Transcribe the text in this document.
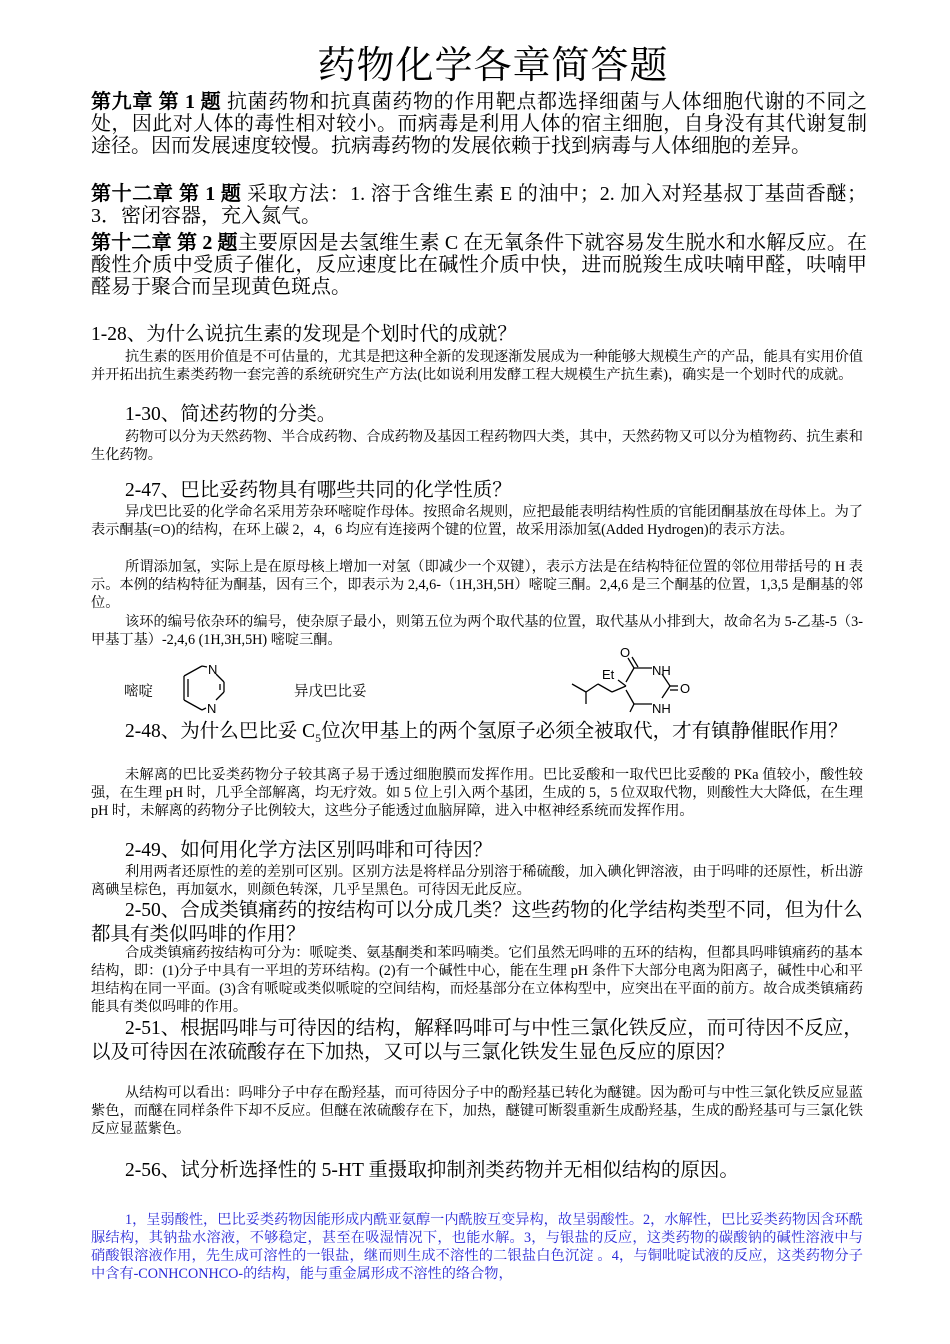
药物化学各章简答题
第九章 第 1 题 抗菌药物和抗真菌药物的作用靶点都选择细菌与人体细胞代谢的不同之处，因此对人体的毒性相对较小。而病毒是利用人体的宿主细胞，自身没有其代谢复制途径。因而发展速度较慢。抗病毒药物的发展依赖于找到病毒与人体细胞的差异。
第十二章 第 1 题 采取方法：1. 溶于含维生素 E 的油中；2. 加入对羟基叔丁基茴香醚；3．密闭容器，充入氮气。
第十二章 第 2 题主要原因是去氢维生素 C 在无氧条件下就容易发生脱水和水解反应。在酸性介质中受质子催化，反应速度比在碱性介质中快，进而脱羧生成呋喃甲醛，呋喃甲醛易于聚合而呈现黄色斑点。
1-28、为什么说抗生素的发现是个划时代的成就？
抗生素的医用价值是不可估量的，尤其是把这种全新的发现逐渐发展成为一种能够大规模生产的产品，能具有实用价值并开拓出抗生素类药物一套完善的系统研究生产方法(比如说利用发酵工程大规模生产抗生素)，确实是一个划时代的成就。
1-30、简述药物的分类。
药物可以分为天然药物、半合成药物、合成药物及基因工程药物四大类，其中，天然药物又可以分为植物药、抗生素和生化药物。
2-47、巴比妥药物具有哪些共同的化学性质？
异戊巴比妥的化学命名采用芳杂环嘧啶作母体。按照命名规则，应把最能表明结构性质的官能团酮基放在母体上。为了表示酮基(=O)的结构，在环上碳 2，4，6 均应有连接两个键的位置，故采用添加氢(Added Hydrogen)的表示方法。
所谓添加氢，实际上是在原母核上增加一对氢（即减少一个双键），表示方法是在结构特征位置的邻位用带括号的 H 表示。本例的结构特征为酮基，因有三个，即表示为 2,4,6-（1H,3H,5H）嘧啶三酮。2,4,6 是三个酮基的位置，1,3,5 是酮基的邻位。
该环的编号依杂环的编号，使杂原子最小，则第五位为两个取代基的位置，取代基从小排到大，故命名为 5-乙基-5（3-甲基丁基）-2,4,6 (1H,3H,5H) 嘧啶三酮。
嘧啶	异戊巴比妥
N
N
O
NH
O
NH
Et
2-48、为什么巴比妥 $C_5$位次甲基上的两个氢原子必须全被取代，才有镇静催眠作用？
未解离的巴比妥类药物分子较其离子易于透过细胞膜而发挥作用。巴比妥酸和一取代巴比妥酸的 PKa 值较小，酸性较强，在生理 pH 时，几乎全部解离，均无疗效。如 5 位上引入两个基团，生成的 5，5 位双取代物，则酸性大大降低，在生理 pH 时，未解离的药物分子比例较大，这些分子能透过血脑屏障，进入中枢神经系统而发挥作用。
2-49、如何用化学方法区别吗啡和可待因？
利用两者还原性的差的差别可区别。区别方法是将样品分别溶于稀硫酸，加入碘化钾溶液，由于吗啡的还原性，析出游离碘呈棕色，再加氨水，则颜色转深，几乎呈黑色。可待因无此反应。
2-50、合成类镇痛药的按结构可以分成几类？这些药物的化学结构类型不同，但为什么都具有类似吗啡的作用？
合成类镇痛药按结构可分为：哌啶类、氨基酮类和苯吗喃类。它们虽然无吗啡的五环的结构，但都具吗啡镇痛药的基本结构，即：(1)分子中具有一平坦的芳环结构。(2)有一个碱性中心，能在生理 pH 条件下大部分电离为阳离子，碱性中心和平坦结构在同一平面。(3)含有哌啶或类似哌啶的空间结构，而烃基部分在立体构型中，应突出在平面的前方。故合成类镇痛药能具有类似吗啡的作用。
2-51、根据吗啡与可待因的结构，解释吗啡可与中性三氯化铁反应，而可待因不反应，以及可待因在浓硫酸存在下加热，又可以与三氯化铁发生显色反应的原因？
从结构可以看出：吗啡分子中存在酚羟基，而可待因分子中的酚羟基已转化为醚键。因为酚可与中性三氯化铁反应显蓝紫色，而醚在同样条件下却不反应。但醚在浓硫酸存在下，加热，醚键可断裂重新生成酚羟基，生成的酚羟基可与三氯化铁反应显蓝紫色。
2-56、试分析选择性的 5-HT 重摄取抑制剂类药物并无相似结构的原因。
1，呈弱酸性，巴比妥类药物因能形成内酰亚氨醇一内酰胺互变异构，故呈弱酸性。2，水解性，巴比妥类药物因含环酰脲结构，其钠盐水溶液，不够稳定，甚至在吸湿情况下，也能水解。3，与银盐的反应，这类药物的碳酸钠的碱性溶液中与硝酸银溶液作用，先生成可溶性的一银盐，继而则生成不溶性的二银盐白色沉淀 。4，与铜吡啶试液的反应，这类药物分子中含有-CONHCONHCO-的结构，能与重金属形成不溶性的络合物，
